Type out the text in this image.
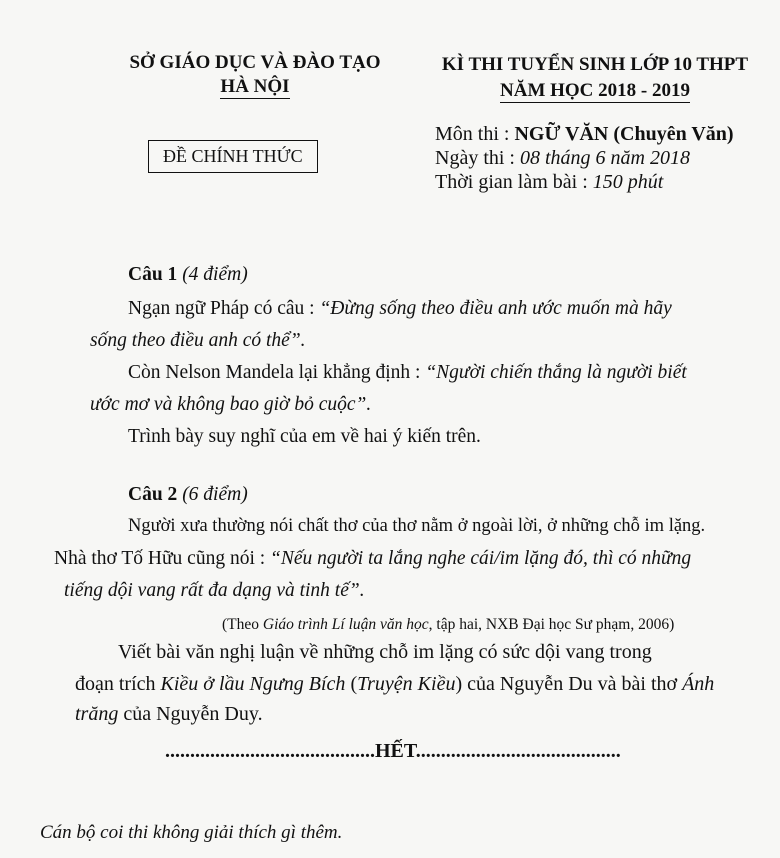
SỞ GIÁO DỤC VÀ ĐÀO TẠO
HÀ NỘI
ĐỀ CHÍNH THỨC
KÌ THI TUYỂN SINH LỚP 10 THPT
NĂM HỌC 2018 - 2019
Môn thi : NGỮ VĂN (Chuyên Văn)
Ngày thi : 08 tháng 6 năm 2018
Thời gian làm bài : 150 phút
Câu 1 (4 điểm)
Ngạn ngữ Pháp có câu : “Đừng sống theo điều anh ước muốn mà hãy
sống theo điều anh có thể”.
Còn Nelson Mandela lại khẳng định : “Người chiến thắng là người biết
ước mơ và không bao giờ bỏ cuộc”.
Trình bày suy nghĩ của em về hai ý kiến trên.
Câu 2 (6 điểm)
Người xưa thường nói chất thơ của thơ nằm ở ngoài lời, ở những chỗ im lặng.
Nhà thơ Tố Hữu cũng nói : “Nếu người ta lắng nghe cái/im lặng đó, thì có những
tiếng dội vang rất đa dạng và tinh tế”.
(Theo Giáo trình Lí luận văn học, tập hai, NXB Đại học Sư phạm, 2006)
Viết bài văn nghị luận về những chỗ im lặng có sức dội vang trong
đoạn trích Kiều ở lầu Ngưng Bích (Truyện Kiều) của Nguyễn Du và bài thơ Ánh
trăng của Nguyễn Duy.
..........................................HẾT.........................................
Cán bộ coi thi không giải thích gì thêm.
